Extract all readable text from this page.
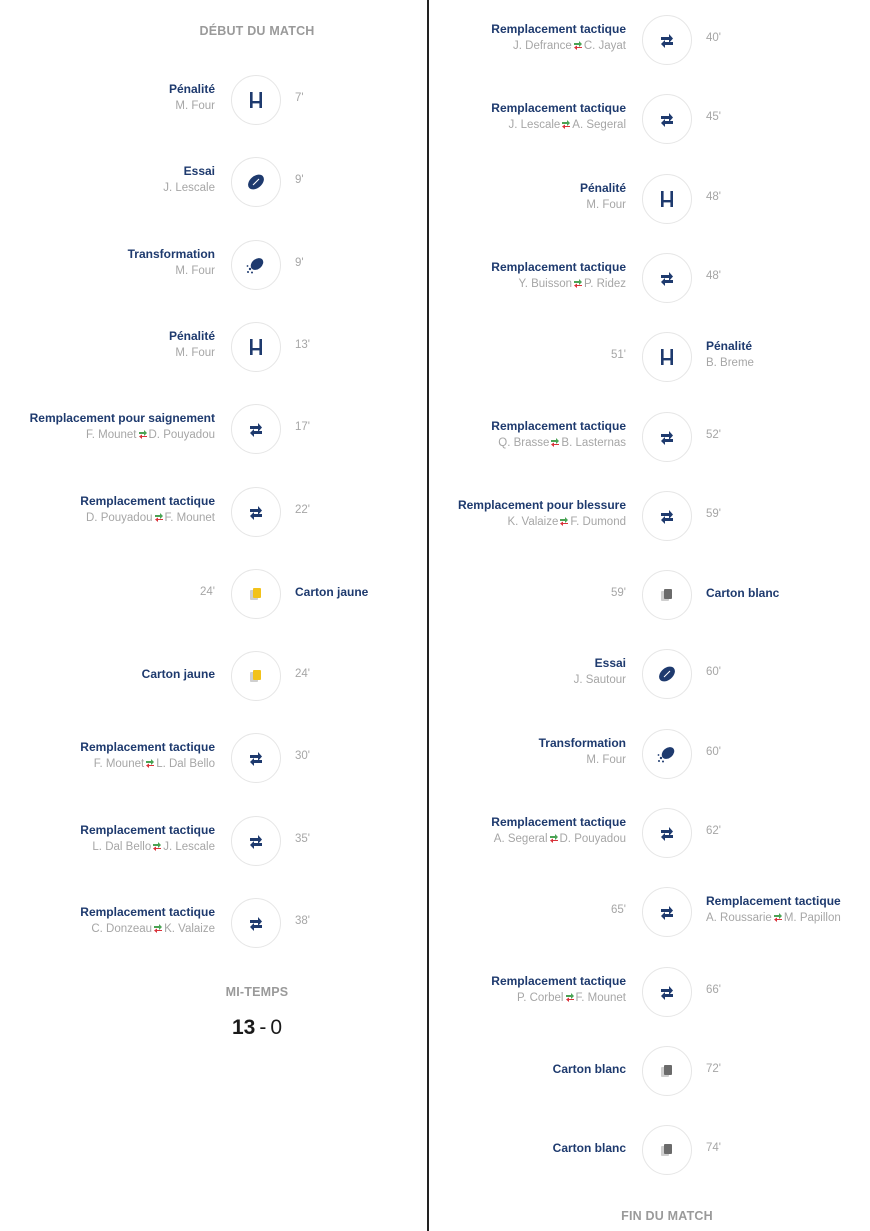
DÉBUT DU MATCH
Pénalité
M. Four
7'
Essai
J. Lescale
9'
Transformation
M. Four
9'
Pénalité
M. Four
13'
Remplacement pour saignement
F. Mounet D. Pouyadou
17'
Remplacement tactique
D. Pouyadou F. Mounet
22'
Carton jaune
24'
Carton jaune	24'
Remplacement tactique
F. Mounet L. Dal Bello
30'
Remplacement tactique
L. Dal Bello J. Lescale
35'
Remplacement tactique
C. Donzeau K. Valaize
38'
MI-TEMPS
13 - 0
Remplacement tactique
J. Defrance C. Jayat
40'
Remplacement tactique
J. Lescale A. Segeral
45'
Pénalité
M. Four
48'
Remplacement tactique
Y. Buisson P. Ridez
48'
Pénalité
B. Breme
51'
Remplacement tactique
Q. Brasse B. Lasternas
52'
Remplacement pour blessure
K. Valaize F. Dumond
59'
Carton blanc
59'
Essai
J. Sautour
60'
Transformation
M. Four
60'
Remplacement tactique
A. Segeral D. Pouyadou
62'
Remplacement tactique
A. Roussarie M. Papillon
65'
Remplacement tactique
P. Corbel F. Mounet
66'
Carton blanc	72'
Carton blanc	74'
FIN DU MATCH
